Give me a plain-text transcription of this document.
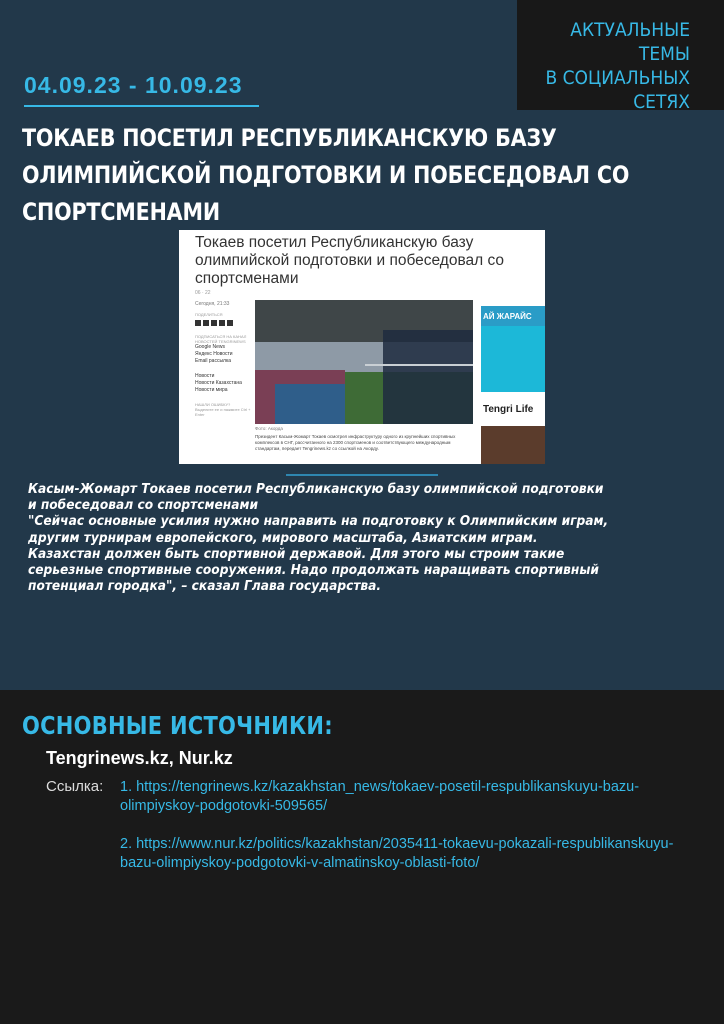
АКТУАЛЬНЫЕ ТЕМЫ
В СОЦИАЛЬНЫХ
СЕТЯХ
04.09.23 - 10.09.23
ТОКАЕВ ПОСЕТИЛ РЕСПУБЛИКАНСКУЮ БАЗУ ОЛИМПИЙСКОЙ ПОДГОТОВКИ И ПОБЕСЕДОВАЛ СО СПОРТСМЕНАМИ
Токаев посетил Республиканскую базу олимпийской подготовки и побеседовал со спортсменами
06 · 22
Сегодня, 21:33
ПОДЕЛИТЬСЯ
ПОДПИСАТЬСЯ НА КАНАЛ НОВОСТЕЙ TENGRINEWS
Google News
Яндекс Новости
Email рассылка
Новости
Новости Казахстана
Новости мира
НАШЛИ ОШИБКУ?
Выделите ее и нажмите Ctrl + Enter
Фото: Акорда
Президент Касым-Жомарт Токаев осмотрел инфраструктуру одного из крупнейших спортивных комплексов в СНГ, рассчитанного на 2300 спортсменов и соответствующего международным стандартам, передает Tengrinews.kz со ссылкой на Акорду.
АЙ ЖАРАЙС
Tengri Life
Касым-Жомарт Токаев посетил Республиканскую базу олимпийской подготовки
и побеседовал со спортсменами
"Сейчас основные усилия нужно направить на подготовку к Олимпийским играм,
другим турнирам европейского, мирового масштаба, Азиатским играм.
Казахстан должен быть спортивной державой. Для этого мы строим такие
серьезные спортивные сооружения. Надо продолжать наращивать спортивный
потенциал городка", – сказал Глава государства.
ОСНОВНЫЕ ИСТОЧНИКИ:
Tengrinews.kz, Nur.kz
Ссылка: 1. https://tengrinews.kz/kazakhstan_news/tokaev-posetil-respublikanskuyu-bazu-olimpiyskoy-podgotovki-509565/
2. https://www.nur.kz/politics/kazakhstan/2035411-tokaevu-pokazali-respublikanskuyu-bazu-olimpiyskoy-podgotovki-v-almatinskoy-oblasti-foto/
